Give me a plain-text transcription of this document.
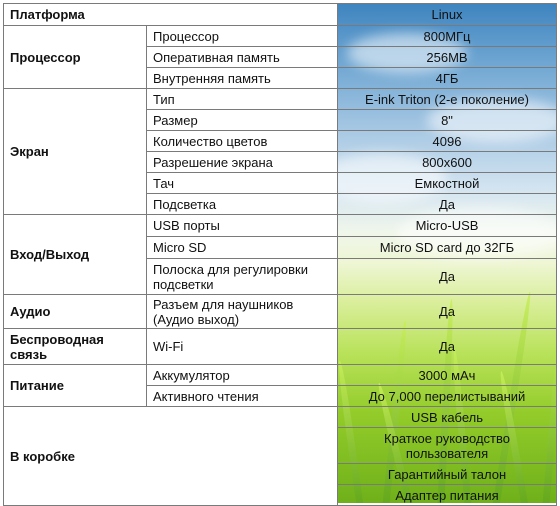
Платформа		Linux
Процессор	Процессор	800МГц
	Оперативная память	256MB
	Внутренняя память	4ГБ
Экран	Тип	E-ink Triton (2-е поколение)
	Размер	8"
	Количество цветов	4096
	Разрешение экрана	800x600
	Тач	Емкостной
	Подсветка	Да
Вход/Выход	USB порты	Micro-USB
	Micro SD	Micro SD card до 32ГБ
	Полоска для регулировки подсветки	Да
Аудио	Разъем для наушников (Аудио выход)	Да
Беспроводная связь	Wi-Fi	Да
Питание	Аккумулятор	3000 мАч
	Активного чтения	До 7,000 перелистываний
В коробке		USB кабель
		Краткое руководство пользователя
		Гарантийный талон
		Адаптер питания
